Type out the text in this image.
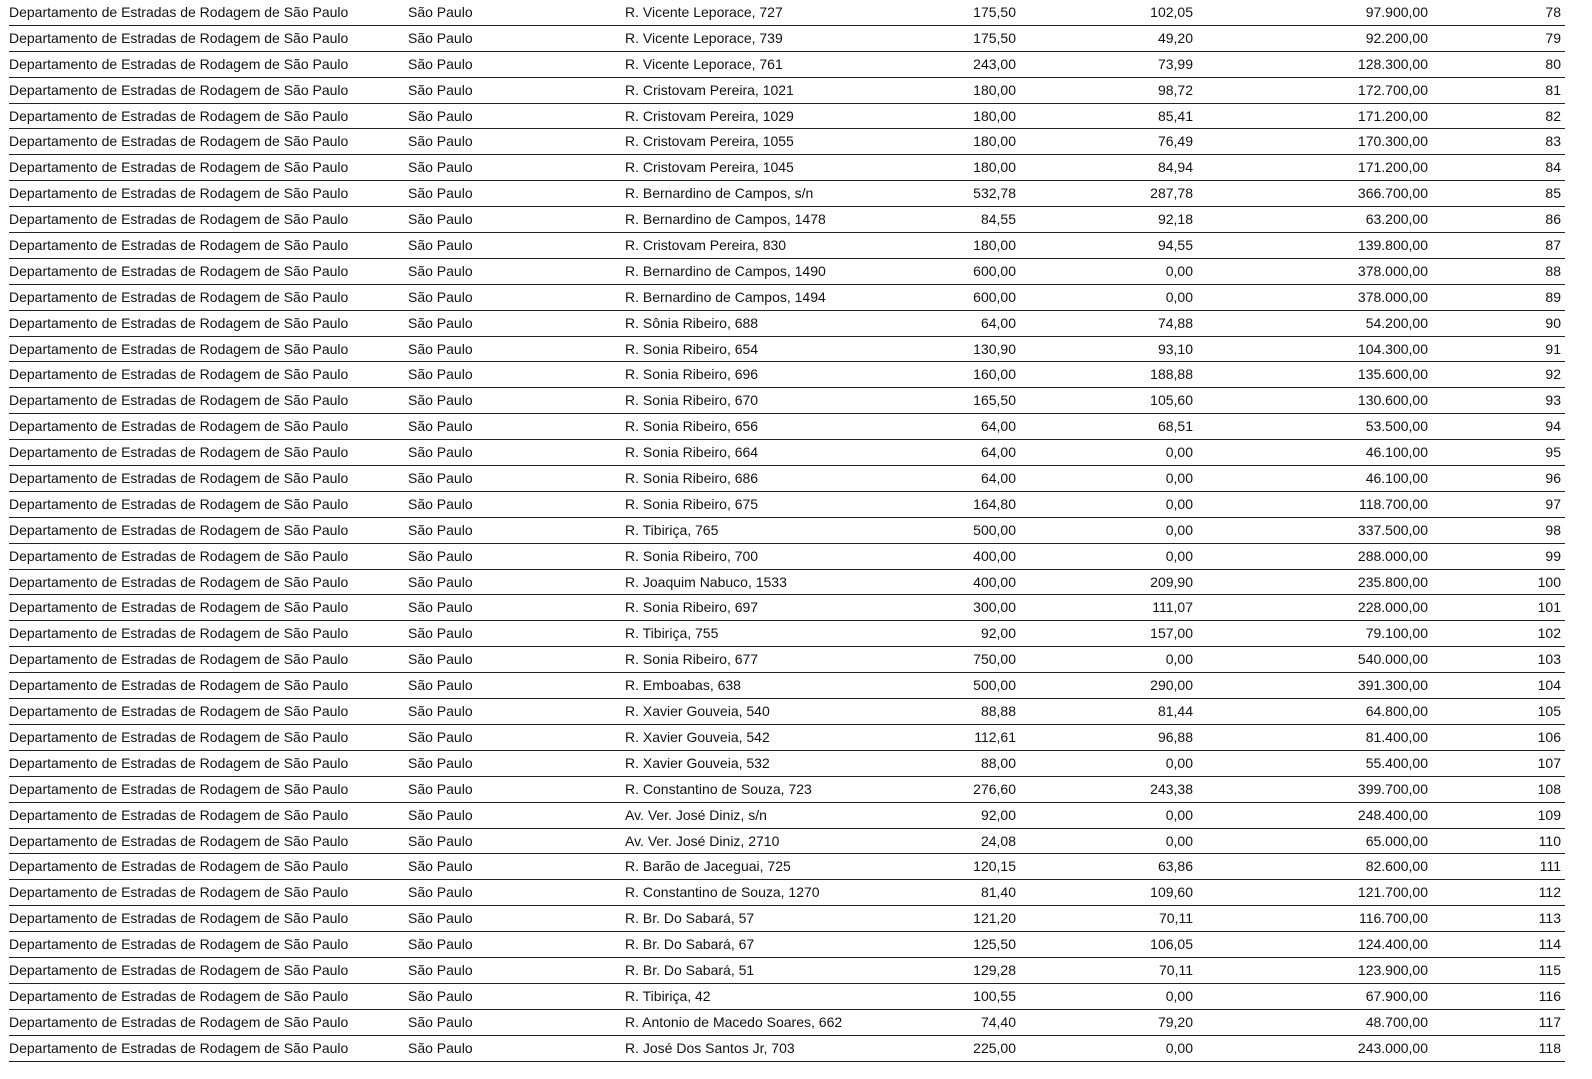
Departamento de Estradas de Rodagem de São Paulo	São Paulo	R. Vicente Leporace, 727	175,50	102,05	97.900,00	78
Departamento de Estradas de Rodagem de São Paulo	São Paulo	R. Vicente Leporace, 739	175,50	49,20	92.200,00	79
Departamento de Estradas de Rodagem de São Paulo	São Paulo	R. Vicente Leporace, 761	243,00	73,99	128.300,00	80
Departamento de Estradas de Rodagem de São Paulo	São Paulo	R. Cristovam Pereira, 1021	180,00	98,72	172.700,00	81
Departamento de Estradas de Rodagem de São Paulo	São Paulo	R. Cristovam Pereira, 1029	180,00	85,41	171.200,00	82
Departamento de Estradas de Rodagem de São Paulo	São Paulo	R. Cristovam Pereira, 1055	180,00	76,49	170.300,00	83
Departamento de Estradas de Rodagem de São Paulo	São Paulo	R. Cristovam Pereira, 1045	180,00	84,94	171.200,00	84
Departamento de Estradas de Rodagem de São Paulo	São Paulo	R. Bernardino de Campos, s/n	532,78	287,78	366.700,00	85
Departamento de Estradas de Rodagem de São Paulo	São Paulo	R. Bernardino de Campos, 1478	84,55	92,18	63.200,00	86
Departamento de Estradas de Rodagem de São Paulo	São Paulo	R. Cristovam Pereira, 830	180,00	94,55	139.800,00	87
Departamento de Estradas de Rodagem de São Paulo	São Paulo	R. Bernardino de Campos, 1490	600,00	0,00	378.000,00	88
Departamento de Estradas de Rodagem de São Paulo	São Paulo	R. Bernardino de Campos, 1494	600,00	0,00	378.000,00	89
Departamento de Estradas de Rodagem de São Paulo	São Paulo	R. Sônia Ribeiro, 688	64,00	74,88	54.200,00	90
Departamento de Estradas de Rodagem de São Paulo	São Paulo	R. Sonia Ribeiro, 654	130,90	93,10	104.300,00	91
Departamento de Estradas de Rodagem de São Paulo	São Paulo	R. Sonia Ribeiro, 696	160,00	188,88	135.600,00	92
Departamento de Estradas de Rodagem de São Paulo	São Paulo	R. Sonia Ribeiro, 670	165,50	105,60	130.600,00	93
Departamento de Estradas de Rodagem de São Paulo	São Paulo	R. Sonia Ribeiro, 656	64,00	68,51	53.500,00	94
Departamento de Estradas de Rodagem de São Paulo	São Paulo	R. Sonia Ribeiro, 664	64,00	0,00	46.100,00	95
Departamento de Estradas de Rodagem de São Paulo	São Paulo	R. Sonia Ribeiro, 686	64,00	0,00	46.100,00	96
Departamento de Estradas de Rodagem de São Paulo	São Paulo	R. Sonia Ribeiro, 675	164,80	0,00	118.700,00	97
Departamento de Estradas de Rodagem de São Paulo	São Paulo	R. Tibiriça, 765	500,00	0,00	337.500,00	98
Departamento de Estradas de Rodagem de São Paulo	São Paulo	R. Sonia Ribeiro, 700	400,00	0,00	288.000,00	99
Departamento de Estradas de Rodagem de São Paulo	São Paulo	R. Joaquim Nabuco, 1533	400,00	209,90	235.800,00	100
Departamento de Estradas de Rodagem de São Paulo	São Paulo	R. Sonia Ribeiro, 697	300,00	111,07	228.000,00	101
Departamento de Estradas de Rodagem de São Paulo	São Paulo	R. Tibiriça, 755	92,00	157,00	79.100,00	102
Departamento de Estradas de Rodagem de São Paulo	São Paulo	R. Sonia Ribeiro, 677	750,00	0,00	540.000,00	103
Departamento de Estradas de Rodagem de São Paulo	São Paulo	R. Emboabas, 638	500,00	290,00	391.300,00	104
Departamento de Estradas de Rodagem de São Paulo	São Paulo	R. Xavier Gouveia, 540	88,88	81,44	64.800,00	105
Departamento de Estradas de Rodagem de São Paulo	São Paulo	R. Xavier Gouveia, 542	112,61	96,88	81.400,00	106
Departamento de Estradas de Rodagem de São Paulo	São Paulo	R. Xavier Gouveia, 532	88,00	0,00	55.400,00	107
Departamento de Estradas de Rodagem de São Paulo	São Paulo	R. Constantino de Souza, 723	276,60	243,38	399.700,00	108
Departamento de Estradas de Rodagem de São Paulo	São Paulo	Av. Ver. José Diniz, s/n	92,00	0,00	248.400,00	109
Departamento de Estradas de Rodagem de São Paulo	São Paulo	Av. Ver. José Diniz, 2710	24,08	0,00	65.000,00	110
Departamento de Estradas de Rodagem de São Paulo	São Paulo	R. Barão de Jaceguai, 725	120,15	63,86	82.600,00	111
Departamento de Estradas de Rodagem de São Paulo	São Paulo	R. Constantino de Souza, 1270	81,40	109,60	121.700,00	112
Departamento de Estradas de Rodagem de São Paulo	São Paulo	R. Br. Do Sabará, 57	121,20	70,11	116.700,00	113
Departamento de Estradas de Rodagem de São Paulo	São Paulo	R. Br. Do Sabará, 67	125,50	106,05	124.400,00	114
Departamento de Estradas de Rodagem de São Paulo	São Paulo	R. Br. Do Sabará, 51	129,28	70,11	123.900,00	115
Departamento de Estradas de Rodagem de São Paulo	São Paulo	R. Tibiriça, 42	100,55	0,00	67.900,00	116
Departamento de Estradas de Rodagem de São Paulo	São Paulo	R. Antonio de Macedo Soares, 662	74,40	79,20	48.700,00	117
Departamento de Estradas de Rodagem de São Paulo	São Paulo	R. José Dos Santos Jr, 703	225,00	0,00	243.000,00	118
